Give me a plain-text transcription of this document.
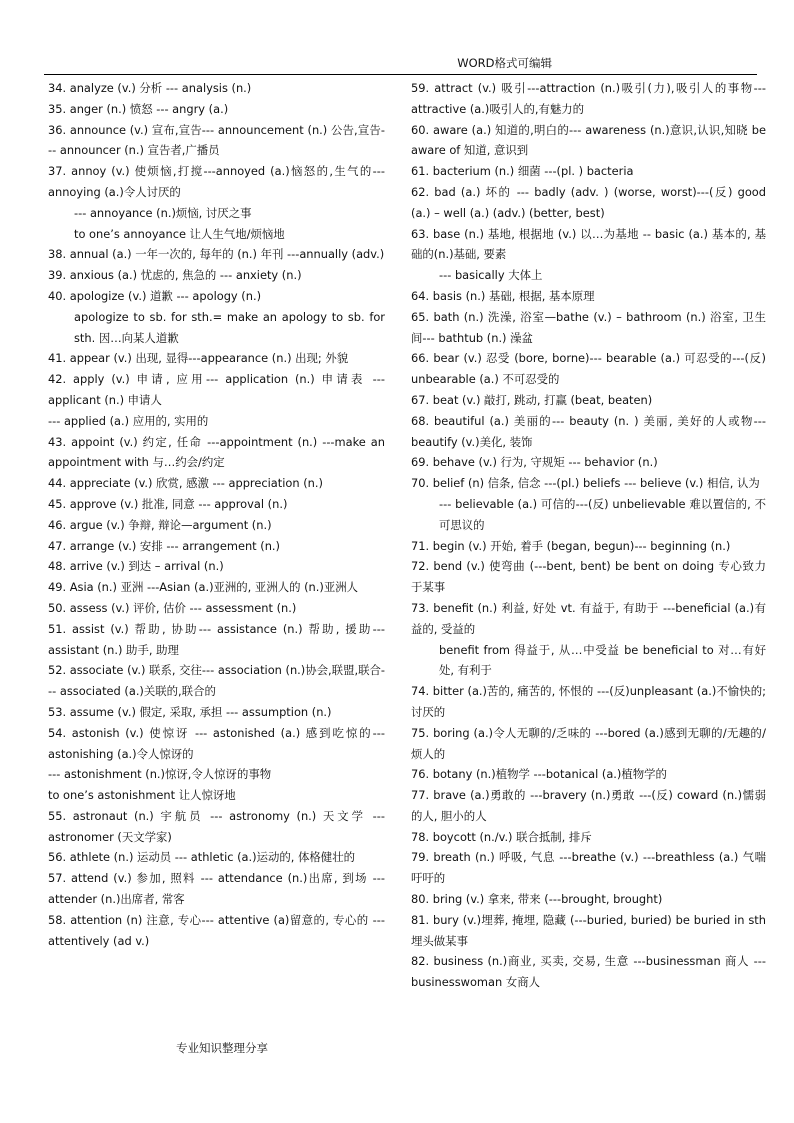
WORD格式可编辑

34. analyze (v.) 分析 --- analysis (n.)

35. anger (n.) 愤怒 --- angry (a.)

36. announce (v.) 宣布,宣告--- announcement (n.) 公告,宣告--- announcer (n.) 宣告者,广播员

37. annoy (v.) 使烦恼,打搅---annoyed (a.)恼怒的,生气的---annoying (a.)令人讨厌的

--- annoyance (n.)烦恼, 讨厌之事

to one’s annoyance 让人生气地/烦恼地

38. annual (a.) 一年一次的, 每年的 (n.) 年刊 ---annually (adv.)

39. anxious (a.) 忧虑的, 焦急的 --- anxiety (n.)

40. apologize (v.) 道歉 --- apology (n.)

apologize to sb. for sth.= make an apology to sb. for sth. 因…向某人道歉

41. appear (v.) 出现, 显得---appearance (n.) 出现; 外貌

42. apply (v.) 申请, 应用--- application (n.) 申请表 ---applicant (n.) 申请人

--- applied (a.) 应用的, 实用的

43. appoint (v.) 约定, 任命 ---appointment (n.) ---make an appointment with 与…约会/约定

44. appreciate (v.) 欣赏, 感激 --- appreciation (n.)

45. approve (v.) 批准, 同意 --- approval (n.)

46. argue (v.) 争辩, 辩论—argument (n.)

47. arrange (v.) 安排 --- arrangement (n.)

48. arrive (v.) 到达 – arrival (n.)

49. Asia (n.) 亚洲 ---Asian (a.)亚洲的, 亚洲人的 (n.)亚洲人

50. assess (v.) 评价, 估价 --- assessment (n.)

51. assist (v.) 帮助, 协助--- assistance (n.) 帮助, 援助---assistant (n.) 助手, 助理

52. associate (v.) 联系, 交往--- association (n.)协会,联盟,联合--- associated (a.)关联的,联合的

53. assume (v.) 假定, 采取, 承担 --- assumption (n.)

54. astonish (v.) 使惊讶 --- astonished (a.) 感到吃惊的---astonishing (a.)令人惊讶的

--- astonishment (n.)惊讶,令人惊讶的事物

to one’s astonishment 让人惊讶地

55. astronaut (n.) 宇航员 --- astronomy (n.) 天文学 ---astronomer (天文学家)

56. athlete (n.) 运动员 --- athletic (a.)运动的, 体格健壮的

57. attend (v.) 参加, 照料 --- attendance (n.)出席, 到场 ---attender (n.)出席者, 常客

58. attention (n) 注意, 专心--- attentive (a)留意的, 专心的 ---attentively (ad v.)

59. attract (v.) 吸引---attraction (n.)吸引(力),吸引人的事物---attractive (a.)吸引人的,有魅力的

60. aware (a.) 知道的,明白的--- awareness (n.)意识,认识,知晓 be aware of 知道, 意识到

61. bacterium (n.) 细菌 ---(pl. ) bacteria

62. bad (a.) 坏的 --- badly (adv. ) (worse, worst)---(反) good (a.) – well (a.) (adv.) (better, best)

63. base (n.) 基地, 根据地 (v.) 以…为基地 -- basic (a.) 基本的, 基础的(n.)基础, 要素

--- basically 大体上

64. basis (n.) 基础, 根据, 基本原理

65. bath (n.) 洗澡, 浴室—bathe (v.) – bathroom (n.) 浴室, 卫生间--- bathtub (n.) 澡盆

66. bear (v.) 忍受 (bore, borne)--- bearable (a.) 可忍受的---(反) unbearable (a.) 不可忍受的

67. beat (v.) 敲打, 跳动, 打赢 (beat, beaten)

68. beautiful (a.) 美丽的--- beauty (n. ) 美丽, 美好的人或物--- beautify (v.)美化, 装饰

69. behave (v.) 行为, 守规矩 --- behavior (n.)

70. belief (n) 信条, 信念 ---(pl.) beliefs --- believe (v.) 相信, 认为

--- believable (a.) 可信的---(反) unbelievable 难以置信的, 不可思议的

71. begin (v.) 开始, 着手 (began, begun)--- beginning (n.)

72. bend (v.) 使弯曲 (---bent, bent) be bent on doing 专心致力于某事

73. benefit (n.) 利益, 好处 vt. 有益于, 有助于 ---beneficial (a.)有益的, 受益的

benefit from 得益于, 从…中受益 be beneficial to 对…有好处, 有利于

74. bitter (a.)苦的, 痛苦的, 怀恨的 ---(反)unpleasant (a.)不愉快的; 讨厌的

75. boring (a.)令人无聊的/乏味的 ---bored (a.)感到无聊的/无趣的/烦人的

76. botany (n.)植物学 ---botanical (a.)植物学的

77. brave (a.)勇敢的 ---bravery (n.)勇敢 ---(反) coward (n.)懦弱的人, 胆小的人

78. boycott (n./v.) 联合抵制, 排斥

79. breath (n.) 呼吸, 气息 ---breathe (v.) ---breathless (a.) 气喘吁吁的

80. bring (v.) 拿来, 带来 (---brought, brought)

81. bury (v.)埋葬, 掩埋, 隐藏 (---buried, buried) be buried in sth 埋头做某事

82. business (n.)商业, 买卖, 交易, 生意 ---businessman 商人 ---businesswoman 女商人

专业知识整理分享
